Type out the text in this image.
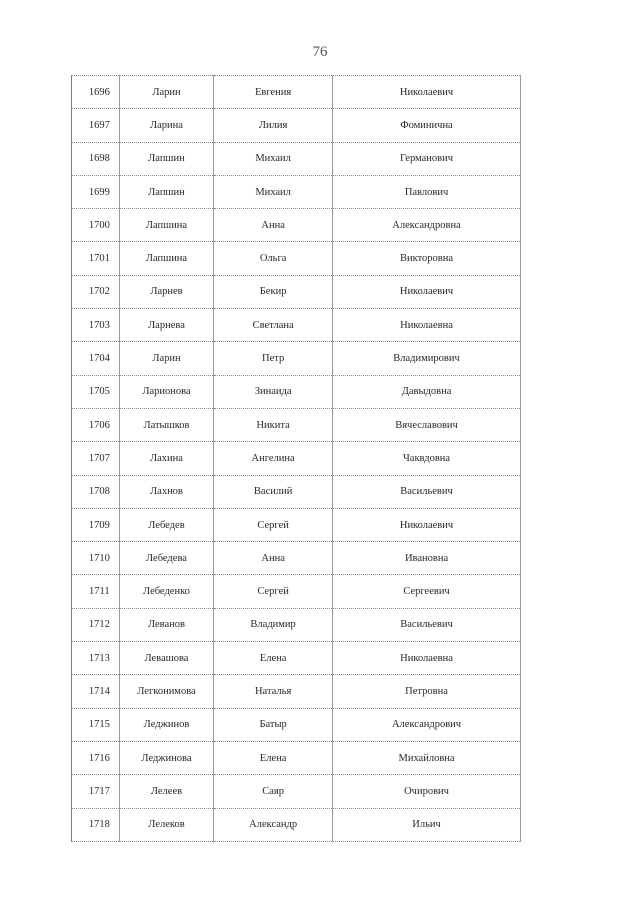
76
1696	Ларин	Евгения	Николаевич
1697	Ларина	Лилия	Фоминична
1698	Лапшин	Михаил	Германович
1699	Лапшин	Михаил	Павлович
1700	Лапшина	Анна	Александровна
1701	Лапшина	Ольга	Викторовна
1702	Ларнев	Бекир	Николаевич
1703	Ларнева	Светлана	Николаевна
1704	Ларин	Петр	Владимирович
1705	Ларионова	Зинаида	Давыдовна
1706	Латышков	Никита	Вячеславович
1707	Лахина	Ангелина	Чаквдовна
1708	Лахнов	Василий	Васильевич
1709	Лебедев	Сергей	Николаевич
1710	Лебедева	Анна	Ивановна
1711	Лебеденко	Сергей	Сергеевич
1712	Леванов	Владимир	Васильевич
1713	Левашова	Елена	Николаевна
1714	Легконимова	Наталья	Петровна
1715	Леджинов	Батыр	Александрович
1716	Леджинова	Елена	Михайловна
1717	Лелеев	Саяр	Очирович
1718	Лелеков	Александр	Ильич
